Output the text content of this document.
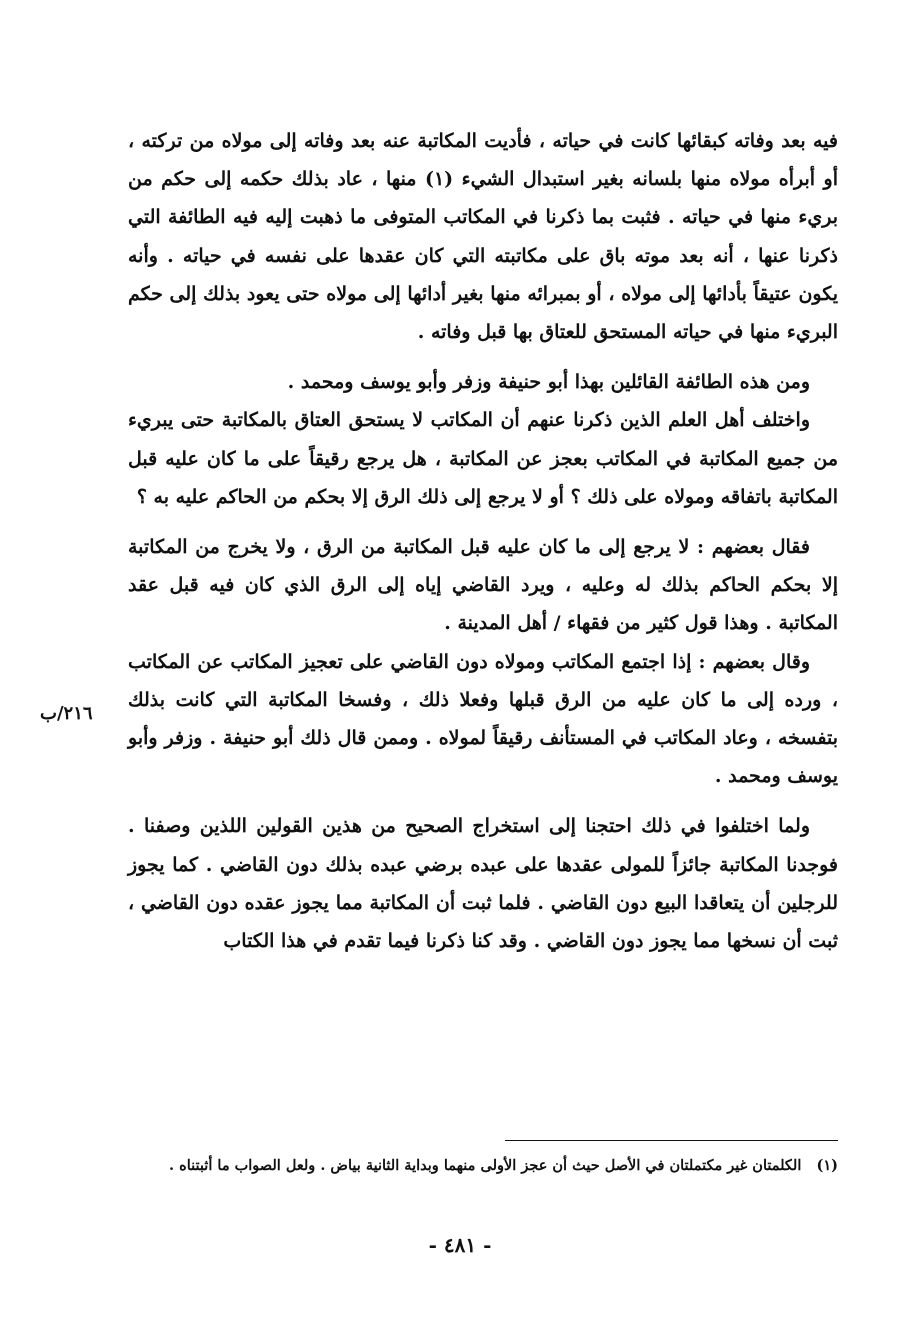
فيه بعد وفاته كبقائها كانت في حياته ، فأديت المكاتبة عنه بعد وفاته إلى مولاه من تركته ، أو أبرأه مولاه منها بلسانه بغير استبدال الشيء (١) منها ، عاد بذلك حكمه إلى حكم من بريء منها في حياته . فثبت بما ذكرنا في المكاتب المتوفى ما ذهبت إليه فيه الطائفة التي ذكرنا عنها ، أنه بعد موته باق على مكاتبته التي كان عقدها على نفسه في حياته . وأنه يكون عتيقاً بأدائها إلى مولاه ، أو بمبرائه منها بغير أدائها إلى مولاه حتى يعود بذلك إلى حكم البريء منها في حياته المستحق للعتاق بها قبل وفاته .

ومن هذه الطائفة القائلين بهذا أبو حنيفة وزفر وأبو يوسف ومحمد .

واختلف أهل العلم الذين ذكرنا عنهم أن المكاتب لا يستحق العتاق بالمكاتبة حتى يبريء من جميع المكاتبة في المكاتب بعجز عن المكاتبة ، هل يرجع رقيقاً على ما كان عليه قبل المكاتبة باتفاقه ومولاه على ذلك ؟ أو لا يرجع إلى ذلك الرق إلا بحكم من الحاكم عليه به ؟

فقال بعضهم : لا يرجع إلى ما كان عليه قبل المكاتبة من الرق ، ولا يخرج من المكاتبة إلا بحكم الحاكم بذلك له وعليه ، ويرد القاضي إياه إلى الرق الذي كان فيه قبل عقد المكاتبة . وهذا قول كثير من فقهاء / أهل المدينة .

وقال بعضهم : إذا اجتمع المكاتب ومولاه دون القاضي على تعجيز المكاتب عن المكاتب ، ورده إلى ما كان عليه من الرق قبلها وفعلا ذلك ، وفسخا المكاتبة التي كانت بذلك بتفسخه ، وعاد المكاتب في المستأنف رقيقاً لمولاه . وممن قال ذلك أبو حنيفة . وزفر وأبو يوسف ومحمد .

ولما اختلفوا في ذلك احتجنا إلى استخراج الصحيح من هذين القولين اللذين وصفنا . فوجدنا المكاتبة جائزاً للمولى عقدها على عبده برضي عبده بذلك دون القاضي . كما يجوز للرجلين أن يتعاقدا البيع دون القاضي . فلما ثبت أن المكاتبة مما يجوز عقده دون القاضي ، ثبت أن نسخها مما يجوز دون القاضي . وقد كنا ذكرنا فيما تقدم في هذا الكتاب

٢١٦/ب
(١) الكلمتان غير مكتملتان في الأصل حيث أن عجز الأولى منهما وبداية الثانية بياض . ولعل الصواب ما أثبتناه .
- ٤٨١ -
